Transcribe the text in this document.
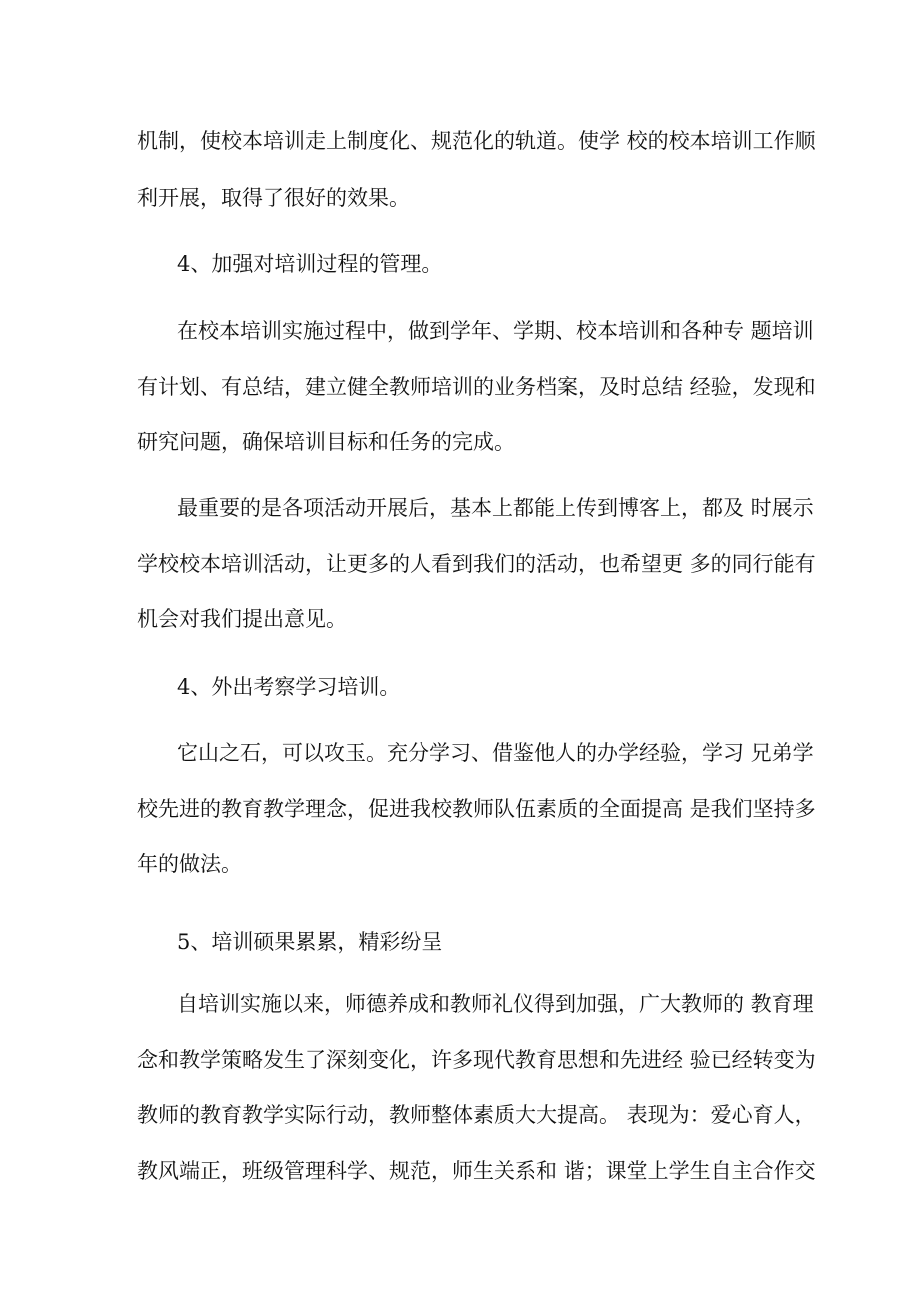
机制，使校本培训走上制度化、规范化的轨道。使学 校的校本培训工作顺
利开展，取得了很好的效果。
4、加强对培训过程的管理。
在校本培训实施过程中，做到学年、学期、校本培训和各种专 题培训
有计划、有总结，建立健全教师培训的业务档案，及时总结 经验，发现和
研究问题，确保培训目标和任务的完成。
最重要的是各项活动开展后，基本上都能上传到博客上，都及 时展示
学校校本培训活动，让更多的人看到我们的活动，也希望更 多的同行能有
机会对我们提出意见。
4、外出考察学习培训。
它山之石，可以攻玉。充分学习、借鉴他人的办学经验，学习 兄弟学
校先进的教育教学理念，促进我校教师队伍素质的全面提高 是我们坚持多
年的做法。
5、培训硕果累累，精彩纷呈
自培训实施以来，师德养成和教师礼仪得到加强，广大教师的 教育理
念和教学策略发生了深刻变化，许多现代教育思想和先进经 验已经转变为
教师的教育教学实际行动，教师整体素质大大提高。 表现为：爱心育人，
教风端正，班级管理科学、规范，师生关系和 谐；课堂上学生自主合作交
